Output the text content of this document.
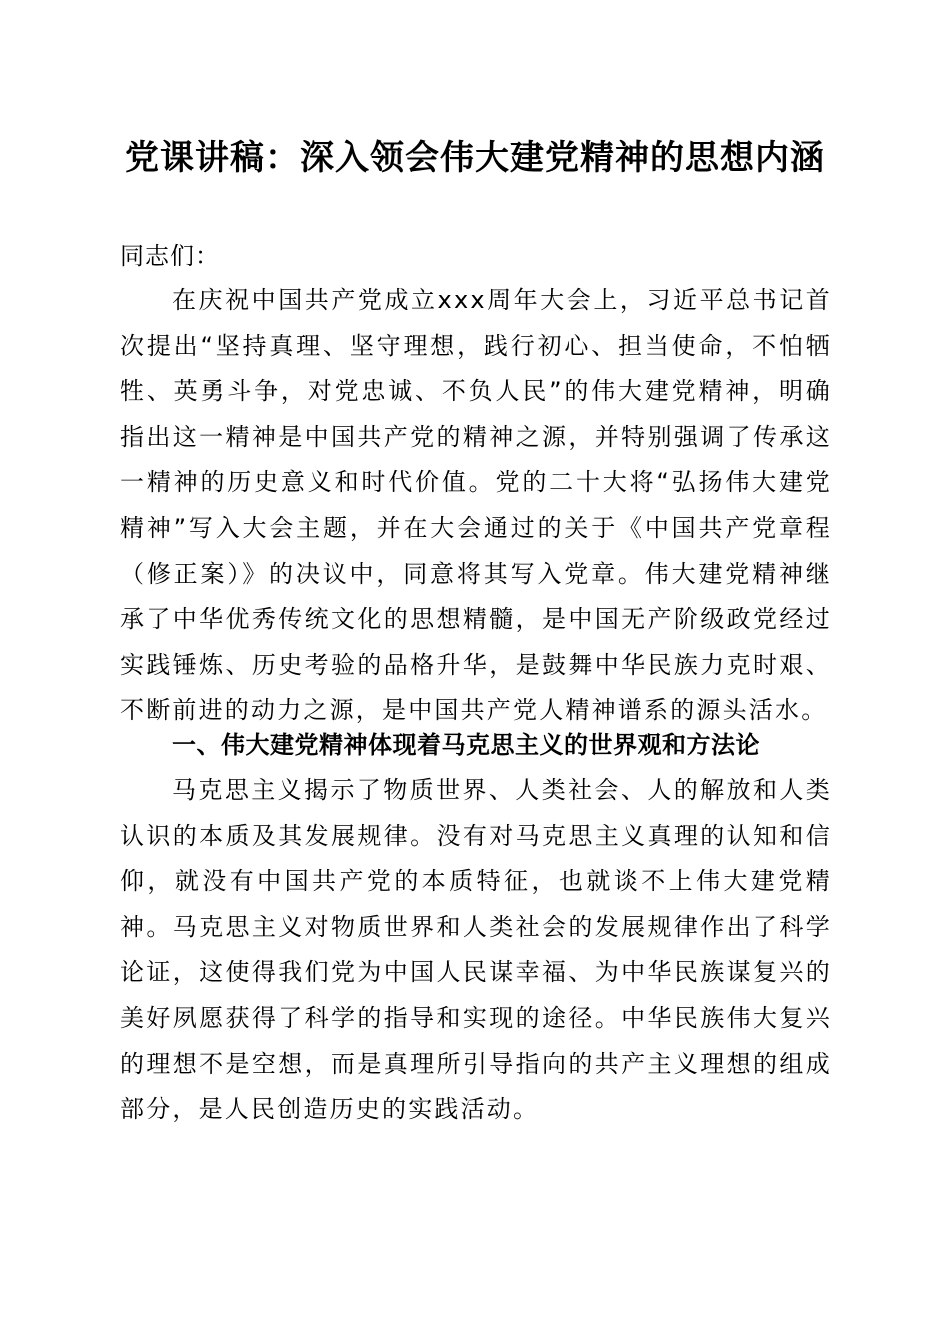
党课讲稿：深入领会伟大建党精神的思想内涵
同志们：
在庆祝中国共产党成立xxx周年大会上，习近平总书记首次提出“坚持真理、坚守理想，践行初心、担当使命，不怕牺牲、英勇斗争，对党忠诚、不负人民”的伟大建党精神，明确指出这一精神是中国共产党的精神之源，并特别强调了传承这一精神的历史意义和时代价值。党的二十大将“弘扬伟大建党精神”写入大会主题，并在大会通过的关于《中国共产党章程（修正案）》的决议中，同意将其写入党章。伟大建党精神继承了中华优秀传统文化的思想精髓，是中国无产阶级政党经过实践锤炼、历史考验的品格升华，是鼓舞中华民族力克时艰、不断前进的动力之源，是中国共产党人精神谱系的源头活水。
一、伟大建党精神体现着马克思主义的世界观和方法论
马克思主义揭示了物质世界、人类社会、人的解放和人类认识的本质及其发展规律。没有对马克思主义真理的认知和信仰，就没有中国共产党的本质特征，也就谈不上伟大建党精神。马克思主义对物质世界和人类社会的发展规律作出了科学论证，这使得我们党为中国人民谋幸福、为中华民族谋复兴的美好夙愿获得了科学的指导和实现的途径。中华民族伟大复兴的理想不是空想，而是真理所引导指向的共产主义理想的组成部分，是人民创造历史的实践活动。
